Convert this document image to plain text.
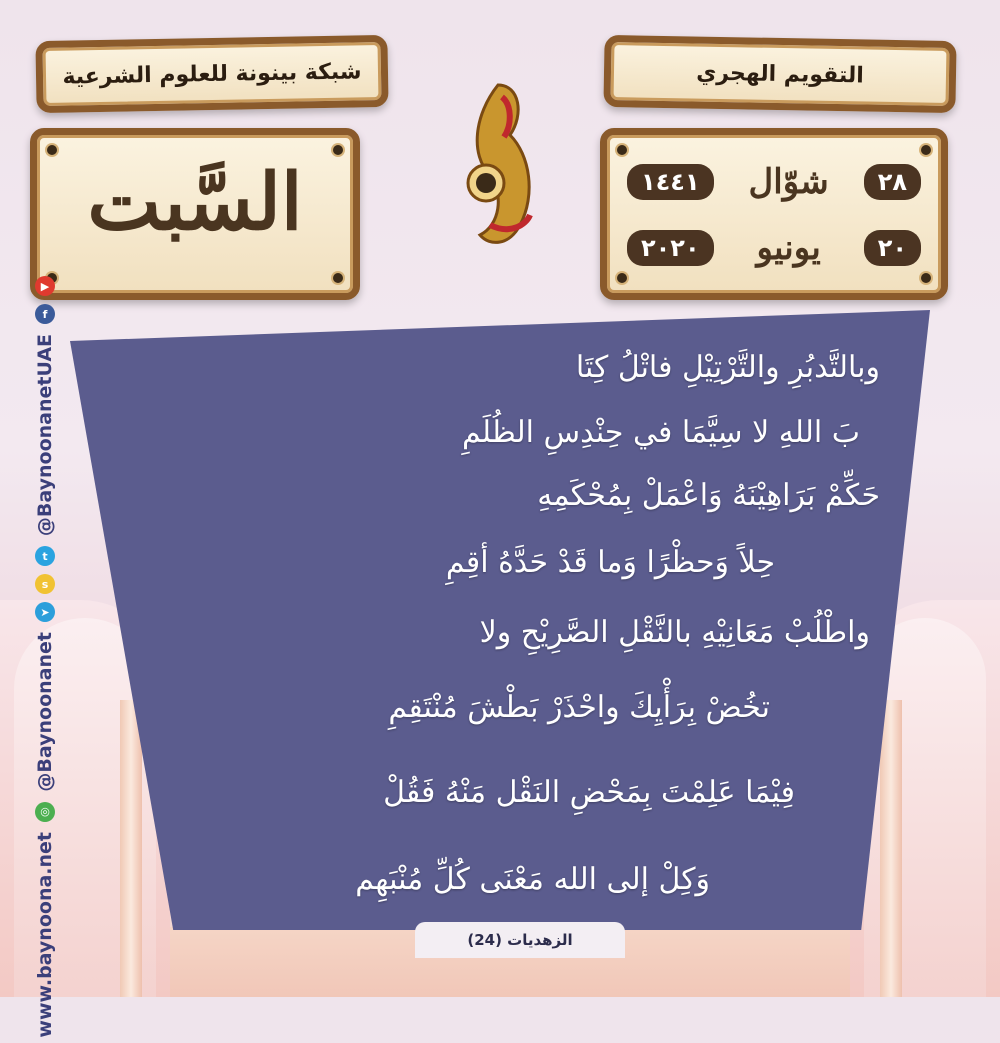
شبكة بينونة للعلوم الشرعية	التقويم الهجري
السَّبت	٢٨
شوّال
١٤٤١
٢٠
يونيو
٢٠٢٠
▶
f
@BaynoonanetUAE
t
s
➤
@Baynoonanet
◎
www.baynoona.net
وبالتَّدبُرِ والتَّرْتِيْلِ فاتْلُ كِتَا
بَ اللهِ لا سِيَّمَا في حِنْدِسِ الظُلَمِ
حَكِّمْ بَرَاهِيْنَهُ وَاعْمَلْ بِمُحْكَمِهِ
حِلاً وَحظْرًا وَما قَدْ حَدَّهُ أقِمِ
واطْلُبْ مَعَانِيْهِ بالنَّقْلِ الصَّرِيْحِ ولا
تخُضْ بِرَأْيِكَ واحْذَرْ بَطْشَ مُنْتَقِمِ
فِيْمَا عَلِمْتَ بِمَحْضِ النَقْل مَنْهُ فَقُلْ
وَكِلْ إلى الله مَعْنَى كُلِّ مُنْبَهِم
الزهديات (24)
